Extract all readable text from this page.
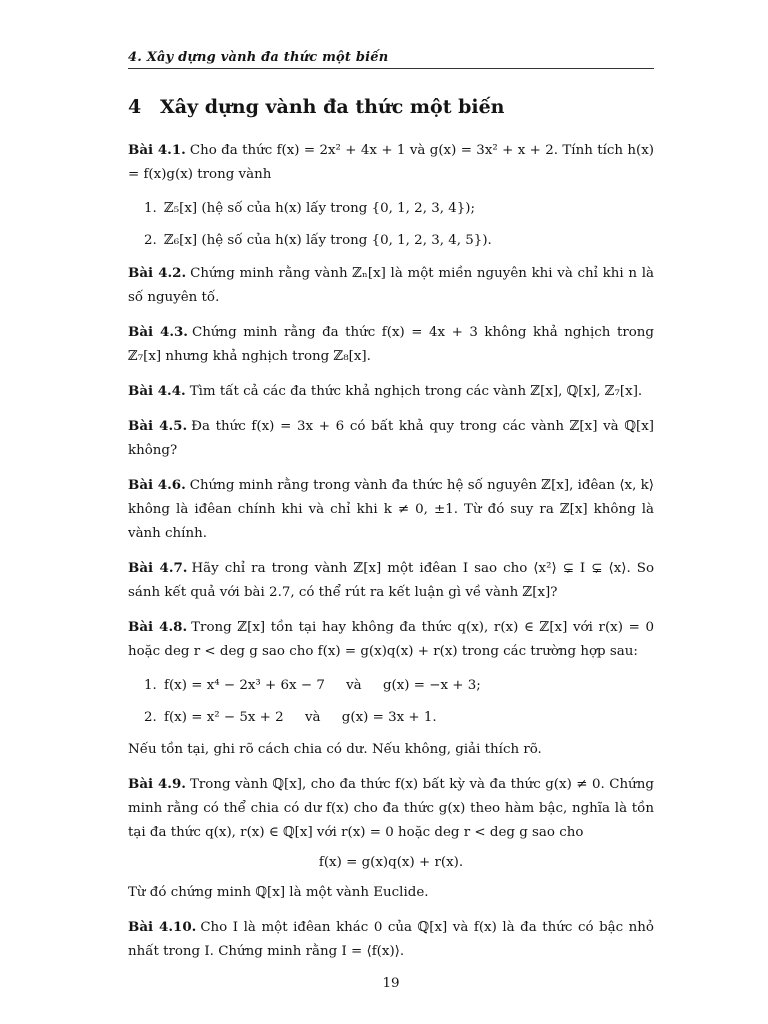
4. Xây dựng vành đa thức một biến
4 Xây dựng vành đa thức một biến

Bài 4.1. Cho đa thức f(x) = 2x² + 4x + 1 và g(x) = 3x² + x + 2. Tính tích h(x) = f(x)g(x) trong vành

1. ℤ₅[x] (hệ số của h(x) lấy trong {0, 1, 2, 3, 4});
2. ℤ₆[x] (hệ số của h(x) lấy trong {0, 1, 2, 3, 4, 5}).

Bài 4.2. Chứng minh rằng vành ℤₙ[x] là một miền nguyên khi và chỉ khi n là số nguyên tố.

Bài 4.3. Chứng minh rằng đa thức f(x) = 4x + 3 không khả nghịch trong ℤ₇[x] nhưng khả nghịch trong ℤ₈[x].

Bài 4.4. Tìm tất cả các đa thức khả nghịch trong các vành ℤ[x], ℚ[x], ℤ₇[x].

Bài 4.5. Đa thức f(x) = 3x + 6 có bất khả quy trong các vành ℤ[x] và ℚ[x] không?

Bài 4.6. Chứng minh rằng trong vành đa thức hệ số nguyên ℤ[x], iđêan ⟨x, k⟩ không là iđêan chính khi và chỉ khi k ≠ 0, ±1. Từ đó suy ra ℤ[x] không là vành chính.

Bài 4.7. Hãy chỉ ra trong vành ℤ[x] một iđêan I sao cho ⟨x²⟩ ⊊ I ⊊ ⟨x⟩. So sánh kết quả với bài 2.7, có thể rút ra kết luận gì về vành ℤ[x]?

Bài 4.8. Trong ℤ[x] tồn tại hay không đa thức q(x), r(x) ∈ ℤ[x] với r(x) = 0 hoặc deg r < deg g sao cho f(x) = g(x)q(x) + r(x) trong các trường hợp sau:

1. f(x) = x⁴ − 2x³ + 6x − 7     và     g(x) = −x + 3;
2. f(x) = x² − 5x + 2     và     g(x) = 3x + 1.

Nếu tồn tại, ghi rõ cách chia có dư. Nếu không, giải thích rõ.

Bài 4.9. Trong vành ℚ[x], cho đa thức f(x) bất kỳ và đa thức g(x) ≠ 0. Chứng minh rằng có thể chia có dư f(x) cho đa thức g(x) theo hàm bậc, nghĩa là tồn tại đa thức q(x), r(x) ∈ ℚ[x] với r(x) = 0 hoặc deg r < deg g sao cho

f(x) = g(x)q(x) + r(x).

Từ đó chứng minh ℚ[x] là một vành Euclide.

Bài 4.10. Cho I là một iđêan khác 0 của ℚ[x] và f(x) là đa thức có bậc nhỏ nhất trong I. Chứng minh rằng I = ⟨f(x)⟩.

19
